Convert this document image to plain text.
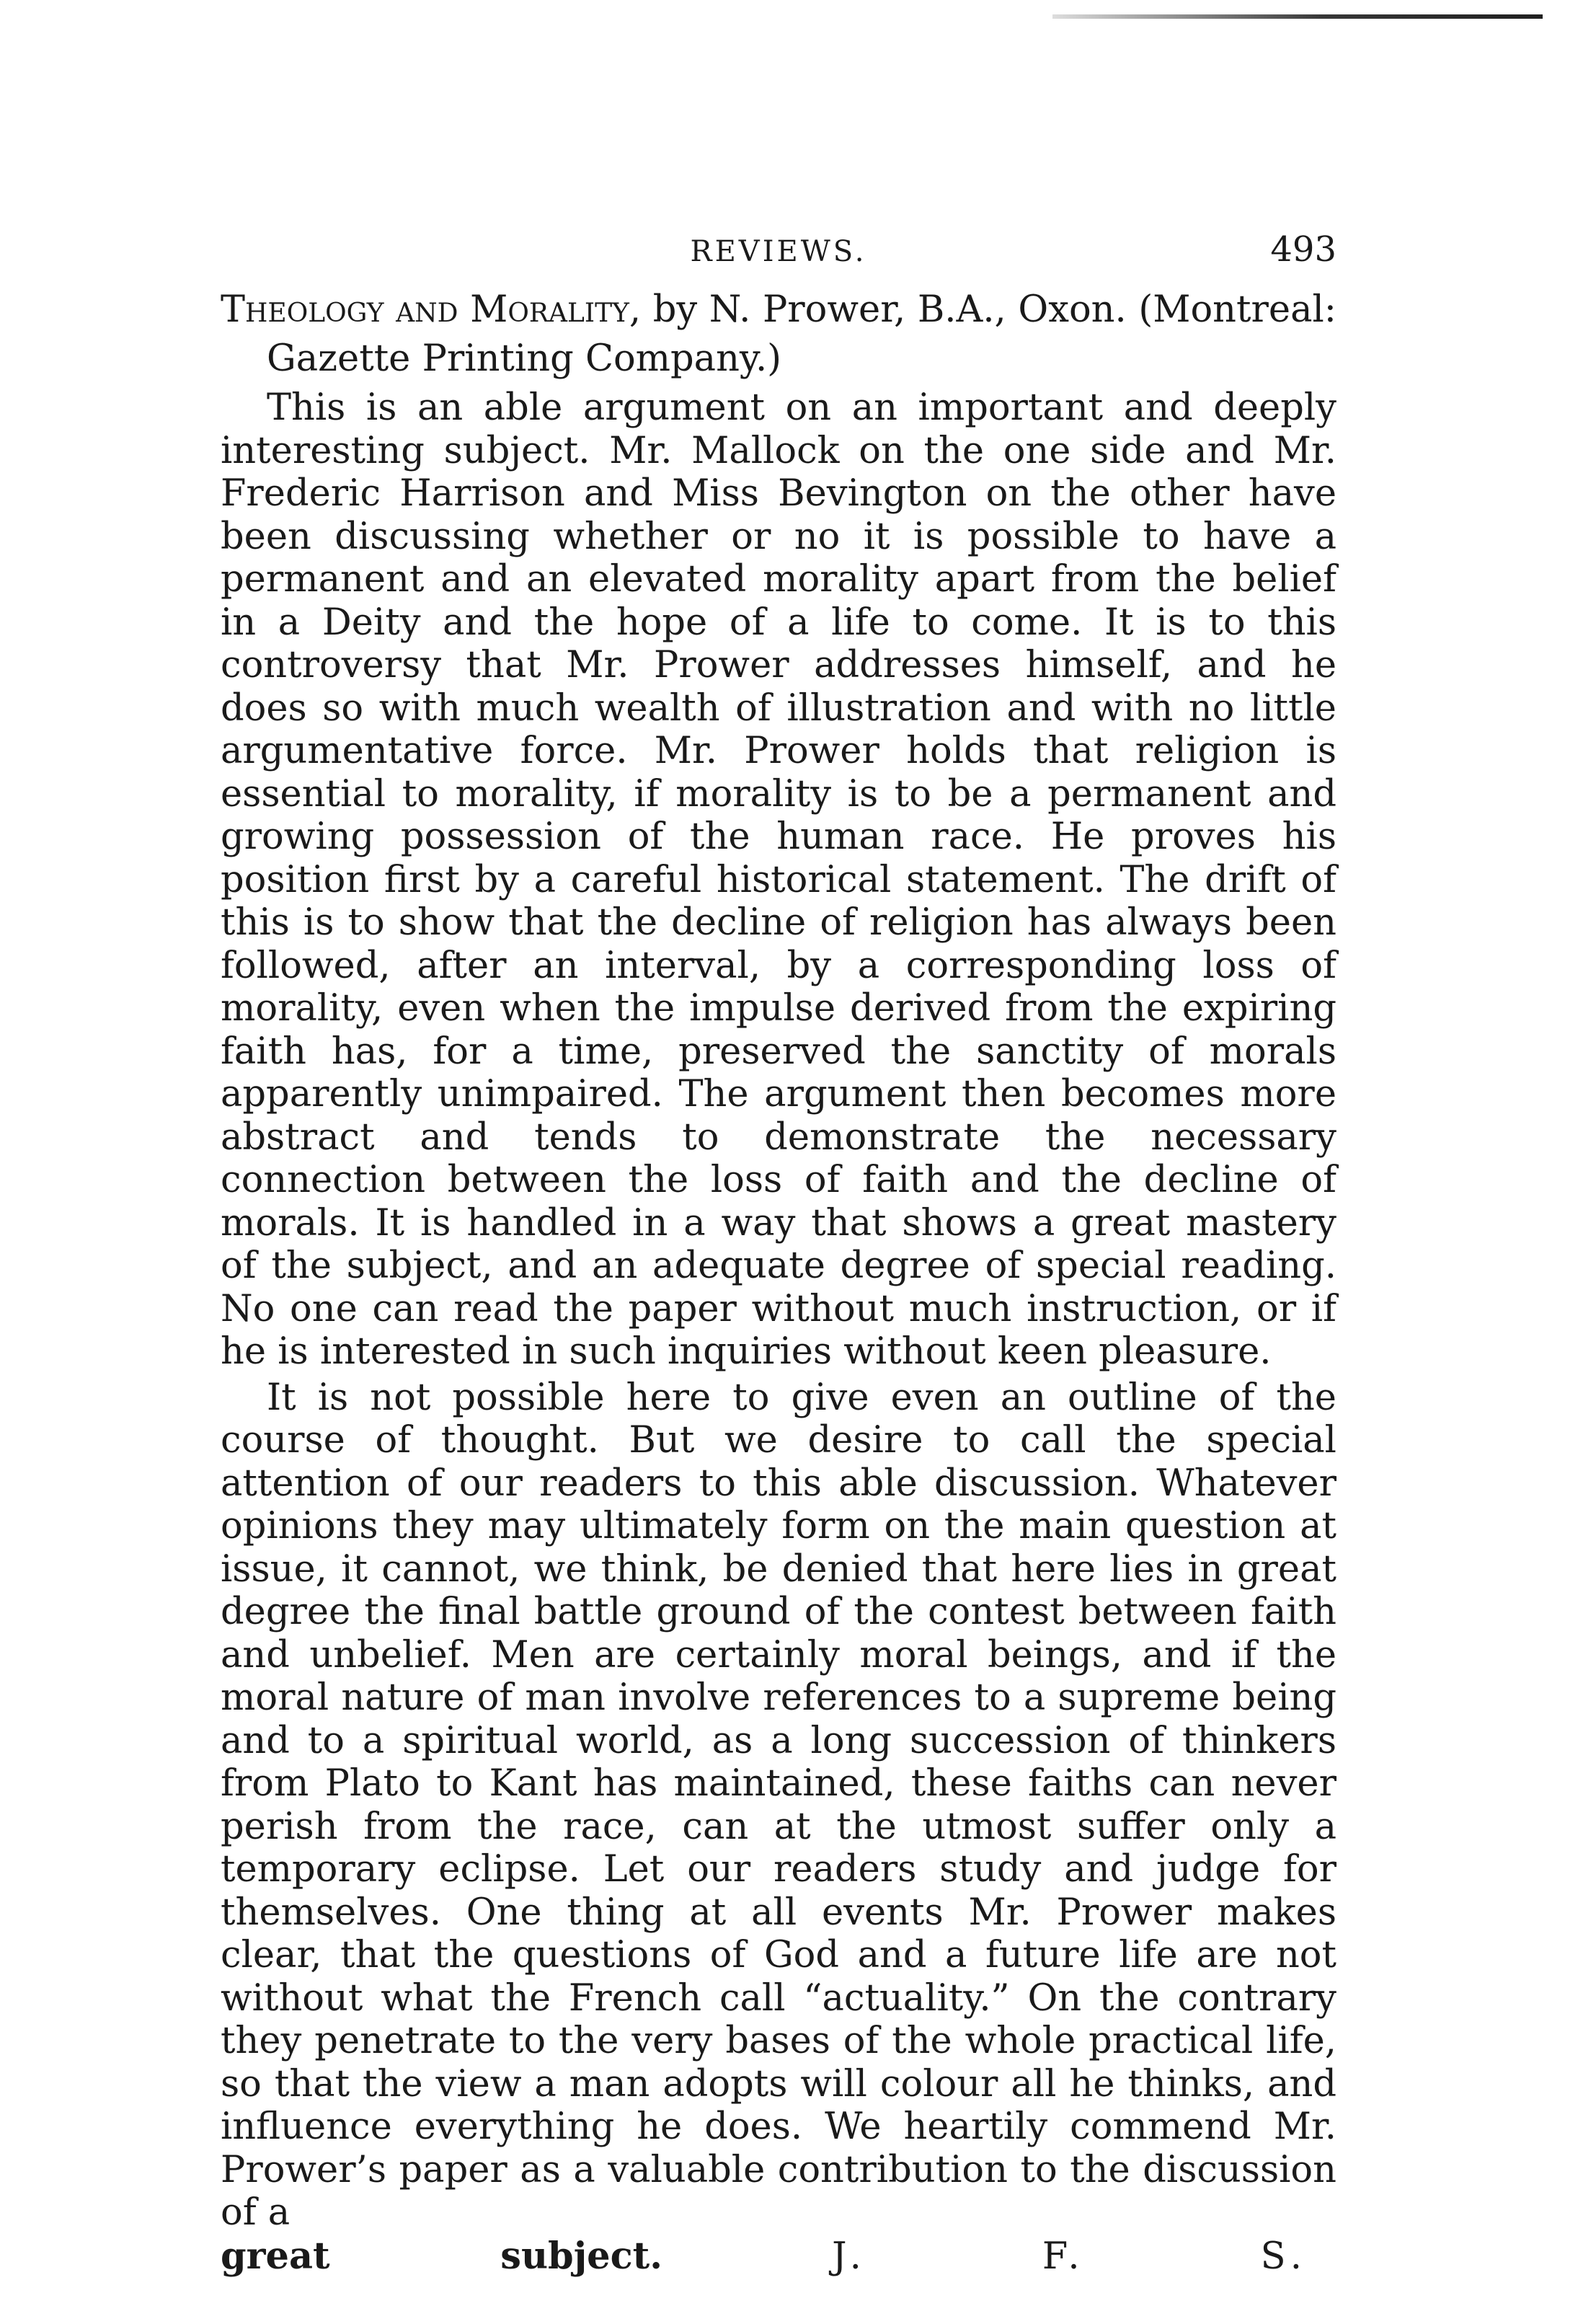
REVIEWS.	493

Theology and Morality, by N. Prower, B.A., Oxon. (Montreal: Gazette Printing Company.)

This is an able argument on an important and deeply interesting subject. Mr. Mallock on the one side and Mr. Frederic Harrison and Miss Bevington on the other have been discussing whether or no it is possible to have a permanent and an elevated morality apart from the belief in a Deity and the hope of a life to come. It is to this controversy that Mr. Prower addresses himself, and he does so with much wealth of illustration and with no little argumentative force. Mr. Prower holds that religion is essential to morality, if morality is to be a permanent and growing possession of the human race. He proves his position first by a careful historical statement. The drift of this is to show that the decline of religion has always been followed, after an interval, by a corresponding loss of morality, even when the impulse derived from the expiring faith has, for a time, preserved the sanctity of morals apparently unimpaired. The argument then becomes more abstract and tends to demonstrate the necessary connection between the loss of faith and the decline of morals. It is handled in a way that shows a great mastery of the subject, and an adequate degree of special reading. No one can read the paper without much instruction, or if he is interested in such inquiries without keen pleasure.

It is not possible here to give even an outline of the course of thought. But we desire to call the special attention of our readers to this able discussion. Whatever opinions they may ultimately form on the main question at issue, it cannot, we think, be denied that here lies in great degree the final battle ground of the contest between faith and unbelief. Men are certainly moral beings, and if the moral nature of man involve references to a supreme being and to a spiritual world, as a long succession of thinkers from Plato to Kant has maintained, these faiths can never perish from the race, can at the utmost suffer only a temporary eclipse. Let our readers study and judge for themselves. One thing at all events Mr. Prower makes clear, that the questions of God and a future life are not without what the French call “actuality.” On the contrary they penetrate to the very bases of the whole practical life, so that the view a man adopts will colour all he thinks, and influence everything he does. We heartily commend Mr. Prower’s paper as a valuable contribution to the discussion of a

great subject.	J. F. S.
